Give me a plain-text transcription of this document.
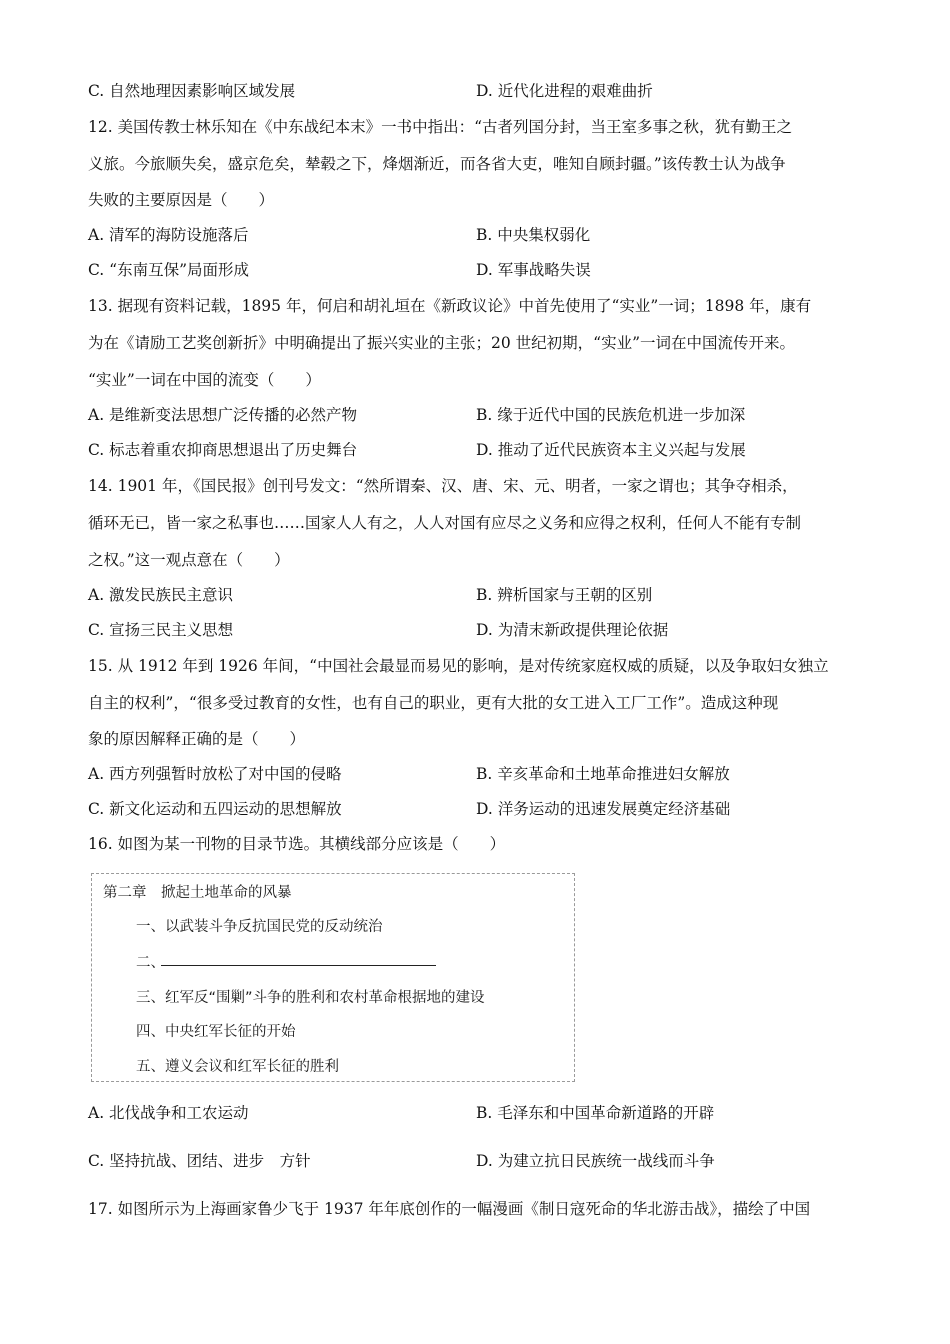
C. 自然地理因素影响区域发展	D. 近代化进程的艰难曲折
12. 美国传教士林乐知在《中东战纪本末》一书中指出：“古者列国分封，当王室多事之秋，犹有勤王之
义旅。今旅顺失矣，盛京危矣，辇毂之下，烽烟渐近，而各省大吏，唯知自顾封疆。”该传教士认为战争
失败的主要原因是（　　）
A. 清军的海防设施落后	B. 中央集权弱化
C. “东南互保”局面形成	D. 军事战略失误
13. 据现有资料记载，1895 年，何启和胡礼垣在《新政议论》中首先使用了“实业”一词；1898 年，康有
为在《请励工艺奖创新折》中明确提出了振兴实业的主张；20 世纪初期，“实业”一词在中国流传开来。
“实业”一词在中国的流变（　　）
A. 是维新变法思想广泛传播的必然产物	B. 缘于近代中国的民族危机进一步加深
C. 标志着重农抑商思想退出了历史舞台	D. 推动了近代民族资本主义兴起与发展
14. 1901 年，《国民报》创刊号发文：“然所谓秦、汉、唐、宋、元、明者，一家之谓也；其争夺相杀，
循环无已，皆一家之私事也……国家人人有之，人人对国有应尽之义务和应得之权利，任何人不能有专制
之权。”这一观点意在（　　）
A. 激发民族民主意识	B. 辨析国家与王朝的区别
C. 宣扬三民主义思想	D. 为清末新政提供理论依据
15. 从 1912 年到 1926 年间，“中国社会最显而易见的影响，是对传统家庭权威的质疑，以及争取妇女独立
自主的权利”，“很多受过教育的女性，也有自己的职业，更有大批的女工进入工厂工作”。造成这种现
象的原因解释正确的是（　　）
A. 西方列强暂时放松了对中国的侵略	B. 辛亥革命和土地革命推进妇女解放
C. 新文化运动和五四运动的思想解放	D. 洋务运动的迅速发展奠定经济基础
16. 如图为某一刊物的目录节选。其横线部分应该是（　　）
第二章　掀起土地革命的风暴
一、以武装斗争反抗国民党的反动统治
二、
三、红军反“围剿”斗争的胜利和农村革命根据地的建设
四、中央红军长征的开始
五、遵义会议和红军长征的胜利
A. 北伐战争和工农运动	B. 毛泽东和中国革命新道路的开辟
C. 坚持抗战、团结、进步　方针	D. 为建立抗日民族统一战线而斗争
17. 如图所示为上海画家鲁少飞于 1937 年年底创作的一幅漫画《制日寇死命的华北游击战》，描绘了中国
